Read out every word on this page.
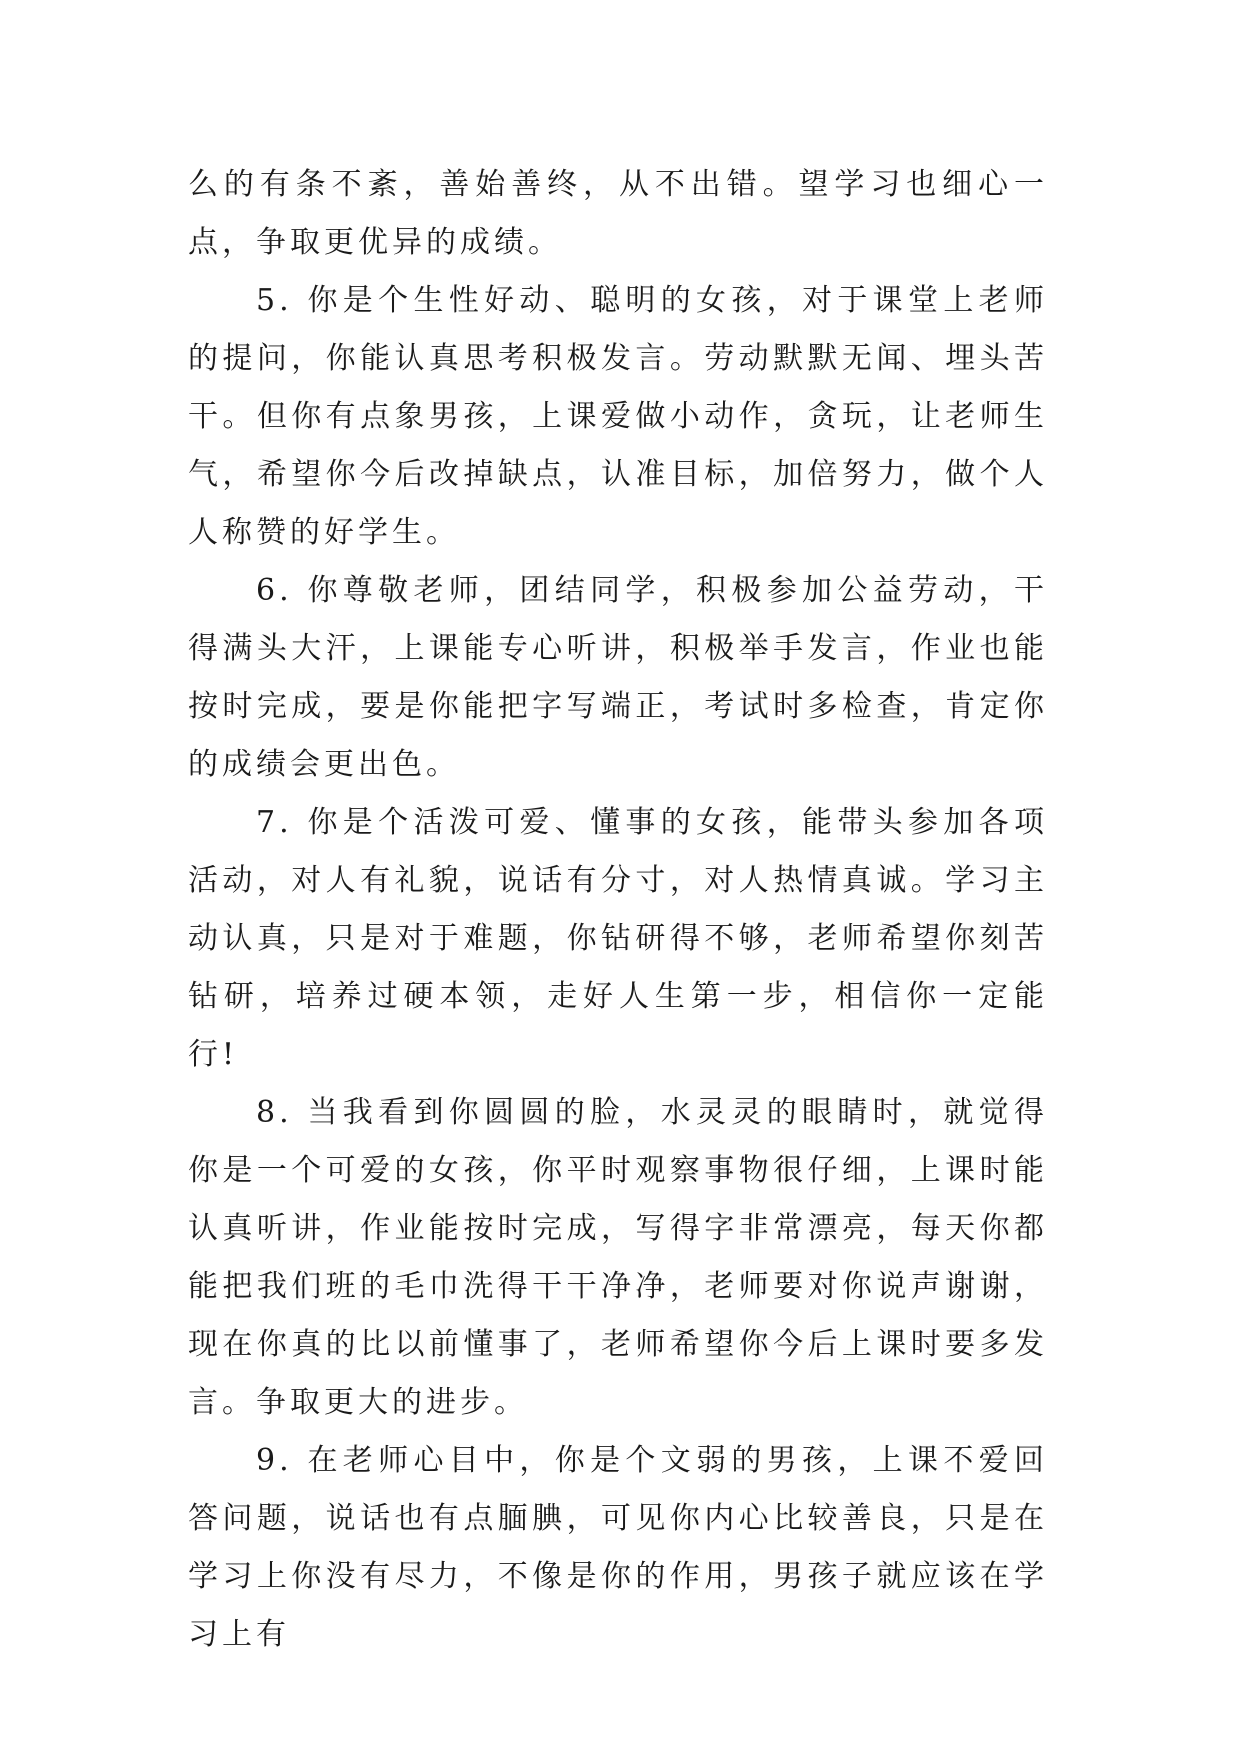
么的有条不紊，善始善终，从不出错。望学习也细心一点，争取更优异的成绩。

5. 你是个生性好动、聪明的女孩，对于课堂上老师的提问，你能认真思考积极发言。劳动默默无闻、埋头苦干。但你有点象男孩，上课爱做小动作，贪玩，让老师生气，希望你今后改掉缺点，认准目标，加倍努力，做个人人称赞的好学生。

6. 你尊敬老师，团结同学，积极参加公益劳动，干得满头大汗，上课能专心听讲，积极举手发言，作业也能按时完成，要是你能把字写端正，考试时多检查，肯定你的成绩会更出色。

7. 你是个活泼可爱、懂事的女孩，能带头参加各项活动，对人有礼貌，说话有分寸，对人热情真诚。学习主动认真，只是对于难题，你钻研得不够，老师希望你刻苦钻研，培养过硬本领，走好人生第一步，相信你一定能行!

8. 当我看到你圆圆的脸，水灵灵的眼睛时，就觉得你是一个可爱的女孩，你平时观察事物很仔细，上课时能认真听讲，作业能按时完成，写得字非常漂亮，每天你都能把我们班的毛巾洗得干干净净，老师要对你说声谢谢，现在你真的比以前懂事了，老师希望你今后上课时要多发言。争取更大的进步。

9. 在老师心目中，你是个文弱的男孩，上课不爱回答问题，说话也有点腼腆，可见你内心比较善良，只是在学习上你没有尽力，不像是你的作用，男孩子就应该在学习上有
